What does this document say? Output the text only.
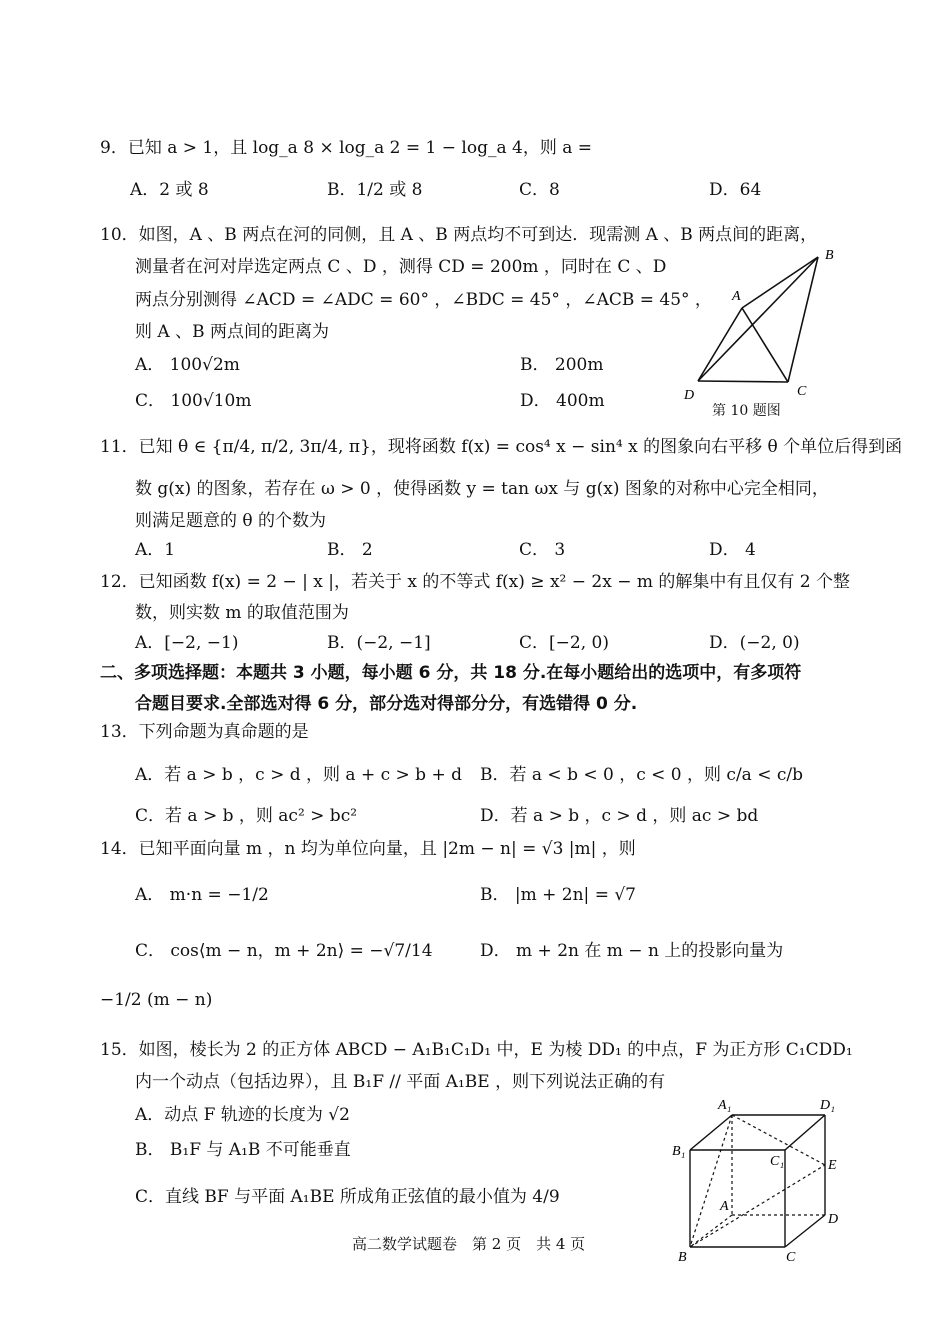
9．已知 a > 1，且 log_a 8 × log_a 2 = 1 − log_a 4，则 a =
A．2 或 8	B．1/2 或 8	C．8	D．64
10．如图，A 、B 两点在河的同侧，且 A 、B 两点均不可到达．现需测 A 、B 两点间的距离，
测量者在河对岸选定两点 C 、D ，测得 CD = 200m ，同时在 C 、D
两点分别测得 ∠ACD = ∠ADC = 60° ，∠BDC = 45° ，∠ACB = 45° ，
则 A 、B 两点间的距离为
A． 100√2m	B． 200m
C． 100√10m	D． 400m
A
B
C
D
第 10 题图
11．已知 θ ∈ {π/4, π/2, 3π/4, π}，现将函数 f(x) = cos⁴ x − sin⁴ x 的图象向右平移 θ 个单位后得到函
数 g(x) 的图象，若存在 ω > 0 ，使得函数 y = tan ωx 与 g(x) 图象的对称中心完全相同，
则满足题意的 θ 的个数为
A．1	B． 2	C． 3	D． 4
12．已知函数 f(x) = 2 − | x |，若关于 x 的不等式 f(x) ≥ x² − 2x − m 的解集中有且仅有 2 个整
数，则实数 m 的取值范围为
A．[−2, −1)	B．(−2, −1]	C．[−2, 0)	D．(−2, 0)
二、多项选择题：本题共 3 小题，每小题 6 分，共 18 分.在每小题给出的选项中，有多项符
合题目要求.全部选对得 6 分，部分选对得部分分，有选错得 0 分.
13．下列命题为真命题的是
A．若 a > b ，c > d ，则 a + c > b + d B．若 a < b < 0 ，c < 0 ，则 c/a < c/b
C．若 a > b ，则 ac² > bc²	D．若 a > b ，c > d ，则 ac > bd
14．已知平面向量 m ，n 均为单位向量，且 |2m − n| = √3 |m| ，则
A． m·n = −1/2	B． |m + 2n| = √7
C． cos⟨m − n，m + 2n⟩ = −√7/14	D． m + 2n 在 m − n 上的投影向量为
−1/2 (m − n)
15．如图，棱长为 2 的正方体 ABCD − A₁B₁C₁D₁ 中，E 为棱 DD₁ 的中点，F 为正方形 C₁CDD₁
内一个动点（包括边界），且 B₁F // 平面 A₁BE ，则下列说法正确的有
A．动点 F 轨迹的长度为 √2
B． B₁F 与 A₁B 不可能垂直
C．直线 BF 与平面 A₁BE 所成角正弦值的最小值为 4/9
A₁	D₁
B₁
C₁	E
A
D
B	C
高二数学试题卷　第 2 页　共 4 页
